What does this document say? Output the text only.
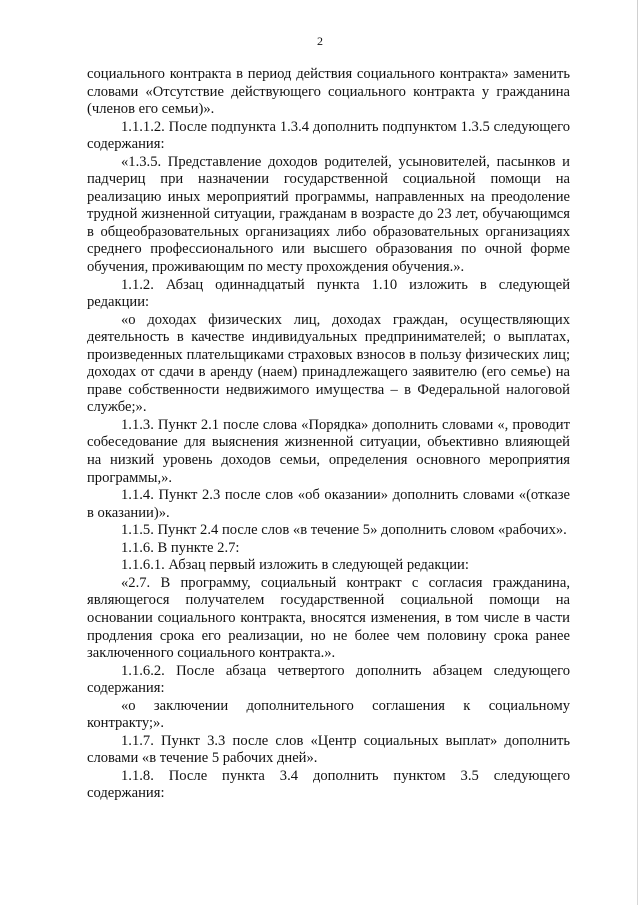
2

социального контракта в период действия социального контракта» заменить словами «Отсутствие действующего социального контракта у гражданина (членов его семьи)».

1.1.1.2. После подпункта 1.3.4 дополнить подпунктом 1.3.5 следующего содержания:

«1.3.5. Представление доходов родителей, усыновителей, пасынков и падчериц при назначении государственной социальной помощи на реализацию иных мероприятий программы, направленных на преодоление трудной жизненной ситуации, гражданам в возрасте до 23 лет, обучающимся в общеобразовательных организациях либо образовательных организациях среднего профессионального или высшего образования по очной форме обучения, проживающим по месту прохождения обучения.».

1.1.2. Абзац одиннадцатый пункта 1.10 изложить в следующей редакции:

«о доходах физических лиц, доходах граждан, осуществляющих деятельность в качестве индивидуальных предпринимателей; о выплатах, произведенных плательщиками страховых взносов в пользу физических лиц; доходах от сдачи в аренду (наем) принадлежащего заявителю (его семье) на праве собственности недвижимого имущества – в Федеральной налоговой службе;».

1.1.3. Пункт 2.1 после слова «Порядка» дополнить словами «, проводит собеседование для выяснения жизненной ситуации, объективно влияющей на низкий уровень доходов семьи, определения основного мероприятия программы,».

1.1.4. Пункт 2.3 после слов «об оказании» дополнить словами «(отказе в оказании)».

1.1.5. Пункт 2.4 после слов «в течение 5» дополнить словом «рабочих».

1.1.6. В пункте 2.7:

1.1.6.1. Абзац первый изложить в следующей редакции:

«2.7. В программу, социальный контракт с согласия гражданина, являющегося получателем государственной социальной помощи на основании социального контракта, вносятся изменения, в том числе в части продления срока его реализации, но не более чем половину срока ранее заключенного социального контракта.».

1.1.6.2. После абзаца четвертого дополнить абзацем следующего содержания:

«о заключении дополнительного соглашения к социальному контракту;».

1.1.7. Пункт 3.3 после слов «Центр социальных выплат» дополнить словами «в течение 5 рабочих дней».

1.1.8. После пункта 3.4 дополнить пунктом 3.5 следующего содержания:
